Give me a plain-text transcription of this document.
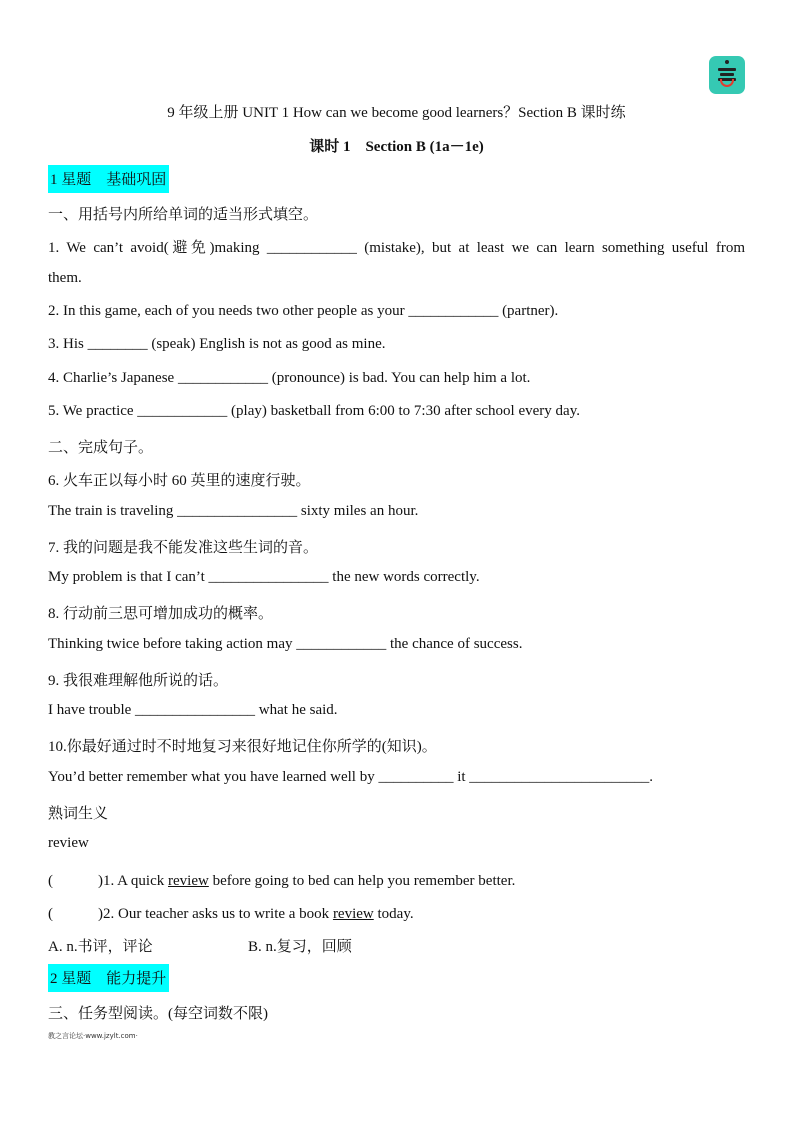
9 年级上册 UNIT 1 How can we become good learners？Section B 课时练
课时 1　Section B (1a－1e)
1 星题　基础巩固
一、用括号内所给单词的适当形式填空。
1. We can’t avoid(避免)making ____________ (mistake), but at least we can learn something useful from
them.
2. In this game, each of you needs two other people as your ____________ (partner).
3. His ________ (speak) English is not as good as mine.
4. Charlie’s Japanese ____________ (pronounce) is bad. You can help him a lot.
5. We practice ____________ (play) basketball from 6:00 to 7:30 after school every day.
二、完成句子。
6. 火车正以每小时 60 英里的速度行驶。
The train is traveling ________________ sixty miles an hour.
7. 我的问题是我不能发准这些生词的音。
My problem is that I can’t ________________ the new words correctly.
8. 行动前三思可增加成功的概率。
Thinking twice before taking action may ____________ the chance of success.
9. 我很难理解他所说的话。
I have trouble ________________ what he said.
10.你最好通过时不时地复习来很好地记住你所学的(知识)。
You’d better remember what you have learned well by __________ it ________________________.
熟词生义
review
(　　　)1. A quick review before going to bed can help you remember better.
(　　　)2. Our teacher asks us to write a book review today.
A. n.书评，评论	B. n.复习，回顾
2 星题　能力提升
三、任务型阅读。(每空词数不限)
教之言论坛·www.jzylt.com·
